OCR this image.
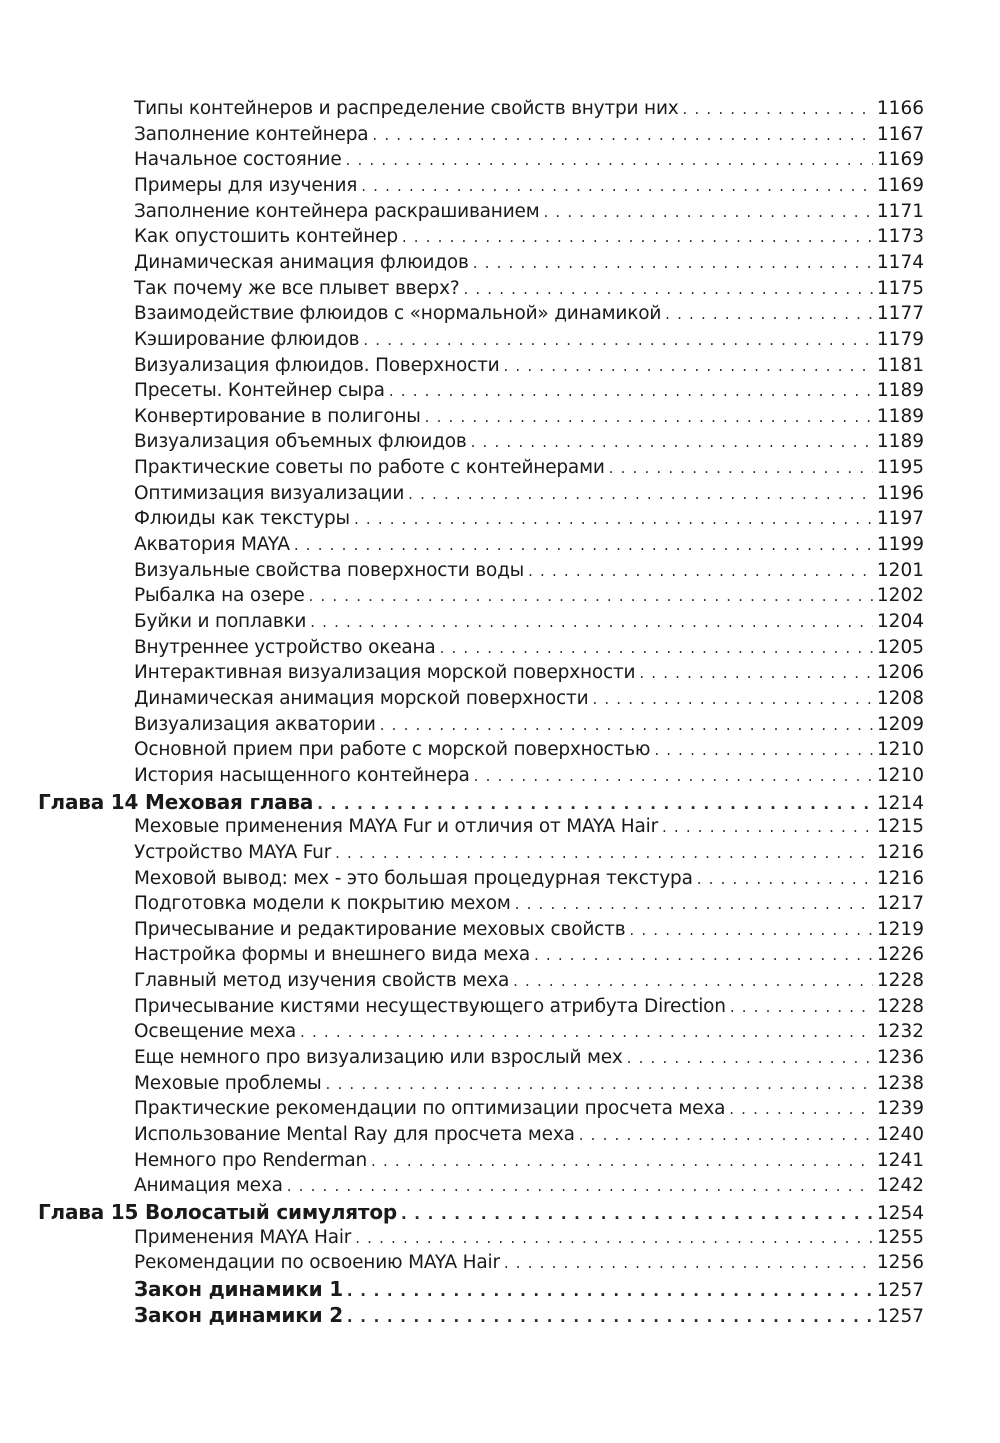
Типы контейнеров и распределение свойств внутри них . . .	1166
Заполнение контейнера . . .	1167
Начальное состояние . . .	1169
Примеры для изучения . . .	1169
Заполнение контейнера раскрашиванием . . .	1171
Как опустошить контейнер . . .	1173
Динамическая анимация флюидов . . .	1174
Так почему же все плывет вверх? . . .	1175
Взаимодействие флюидов с «нормальной» динамикой . . .	1177
Кэширование флюидов . . .	1179
Визуализация флюидов. Поверхности . . .	1181
Пресеты. Контейнер сыра . . .	1189
Конвертирование в полигоны . . .	1189
Визуализация объемных флюидов . . .	1189
Практические советы по работе с контейнерами . . .	1195
Оптимизация визуализации . . .	1196
Флюиды как текстуры . . .	1197
Акватория MAYA . . .	1199
Визуальные свойства поверхности воды . . .	1201
Рыбалка на озере . . .	1202
Буйки и поплавки . . .	1204
Внутреннее устройство океана . . .	1205
Интерактивная визуализация морской поверхности . . .	1206
Динамическая анимация морской поверхности . . .	1208
Визуализация акватории . . .	1209
Основной прием при работе с морской поверхностью . . .	1210
История насыщенного контейнера . . .	1210
Глава 14 Меховая глава . . .	1214
Меховые применения MAYA Fur и отличия от MAYA Hair . . .	1215
Устройство MAYA Fur . . .	1216
Меховой вывод: мех - это большая процедурная текстура . . .	1216
Подготовка модели к покрытию мехом . . .	1217
Причесывание и редактирование меховых свойств . . .	1219
Настройка формы и внешнего вида меха . . .	1226
Главный метод изучения свойств меха . . .	1228
Причесывание кистями несуществующего атрибута Direction . . .	1228
Освещение меха . . .	1232
Еще немного про визуализацию или взрослый мех . . .	1236
Меховые проблемы . . .	1238
Практические рекомендации по оптимизации просчета меха . . .	1239
Использование Mental Ray для просчета меха . . .	1240
Немного про Renderman . . .	1241
Анимация меха . . .	1242
Глава 15 Волосатый симулятор . . .	1254
Применения MAYA Hair . . .	1255
Рекомендации по освоению MAYA Hair . . .	1256
Закон динамики 1 . . .	1257
Закон динамики 2 . . .	1257
